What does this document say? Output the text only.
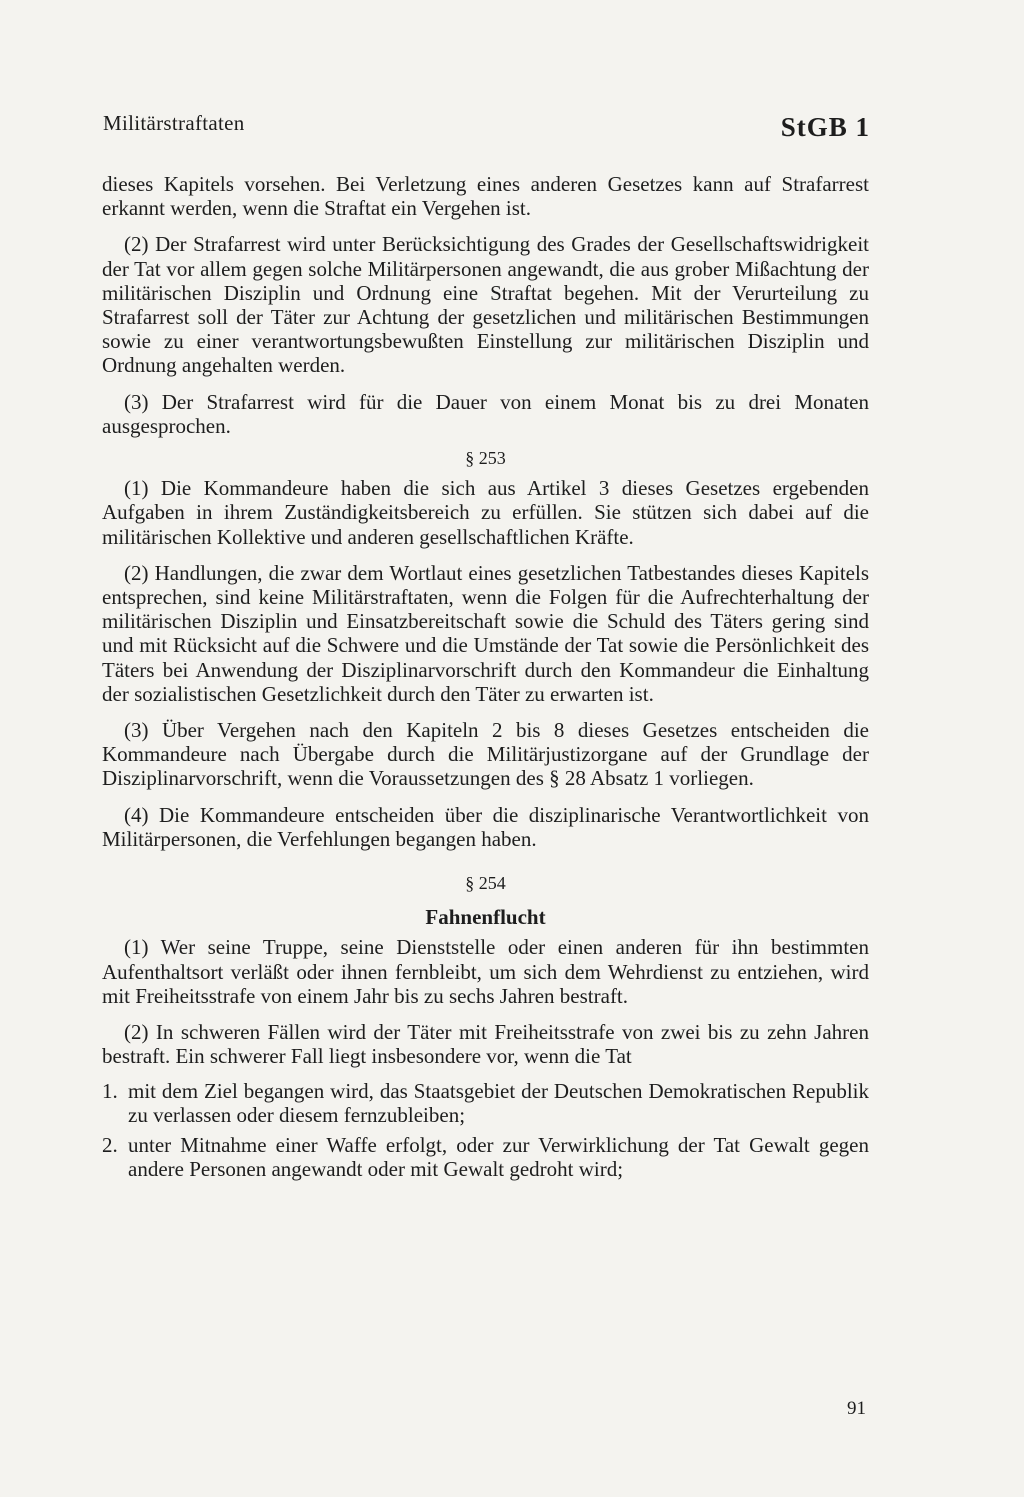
Militärstraftaten	StGB 1

dieses Kapitels vorsehen. Bei Verletzung eines anderen Gesetzes kann auf Strafarrest erkannt werden, wenn die Straftat ein Vergehen ist.

(2) Der Strafarrest wird unter Berücksichtigung des Grades der Gesellschaftswidrigkeit der Tat vor allem gegen solche Militärpersonen angewandt, die aus grober Mißachtung der militärischen Disziplin und Ordnung eine Straftat begehen. Mit der Verurteilung zu Strafarrest soll der Täter zur Achtung der gesetzlichen und militärischen Bestimmungen sowie zu einer verantwortungsbewußten Einstellung zur militärischen Disziplin und Ordnung angehalten werden.

(3) Der Strafarrest wird für die Dauer von einem Monat bis zu drei Monaten ausgesprochen.

§ 253

(1) Die Kommandeure haben die sich aus Artikel 3 dieses Gesetzes ergebenden Aufgaben in ihrem Zuständigkeitsbereich zu erfüllen. Sie stützen sich dabei auf die militärischen Kollektive und anderen gesellschaftlichen Kräfte.

(2) Handlungen, die zwar dem Wortlaut eines gesetzlichen Tatbestandes dieses Kapitels entsprechen, sind keine Militärstraftaten, wenn die Folgen für die Aufrechterhaltung der militärischen Disziplin und Einsatzbereitschaft sowie die Schuld des Täters gering sind und mit Rücksicht auf die Schwere und die Umstände der Tat sowie die Persönlichkeit des Täters bei Anwendung der Disziplinarvorschrift durch den Kommandeur die Einhaltung der sozialistischen Gesetzlichkeit durch den Täter zu erwarten ist.

(3) Über Vergehen nach den Kapiteln 2 bis 8 dieses Gesetzes entscheiden die Kommandeure nach Übergabe durch die Militärjustizorgane auf der Grundlage der Disziplinarvorschrift, wenn die Voraussetzungen des § 28 Absatz 1 vorliegen.

(4) Die Kommandeure entscheiden über die disziplinarische Verantwortlichkeit von Militärpersonen, die Verfehlungen begangen haben.

§ 254
Fahnenflucht

(1) Wer seine Truppe, seine Dienststelle oder einen anderen für ihn bestimmten Aufenthaltsort verläßt oder ihnen fernbleibt, um sich dem Wehrdienst zu entziehen, wird mit Freiheitsstrafe von einem Jahr bis zu sechs Jahren bestraft.

(2) In schweren Fällen wird der Täter mit Freiheitsstrafe von zwei bis zu zehn Jahren bestraft. Ein schwerer Fall liegt insbesondere vor, wenn die Tat

1. mit dem Ziel begangen wird, das Staatsgebiet der Deutschen Demokratischen Republik zu verlassen oder diesem fernzubleiben;
2. unter Mitnahme einer Waffe erfolgt, oder zur Verwirklichung der Tat Gewalt gegen andere Personen angewandt oder mit Gewalt gedroht wird;
91
